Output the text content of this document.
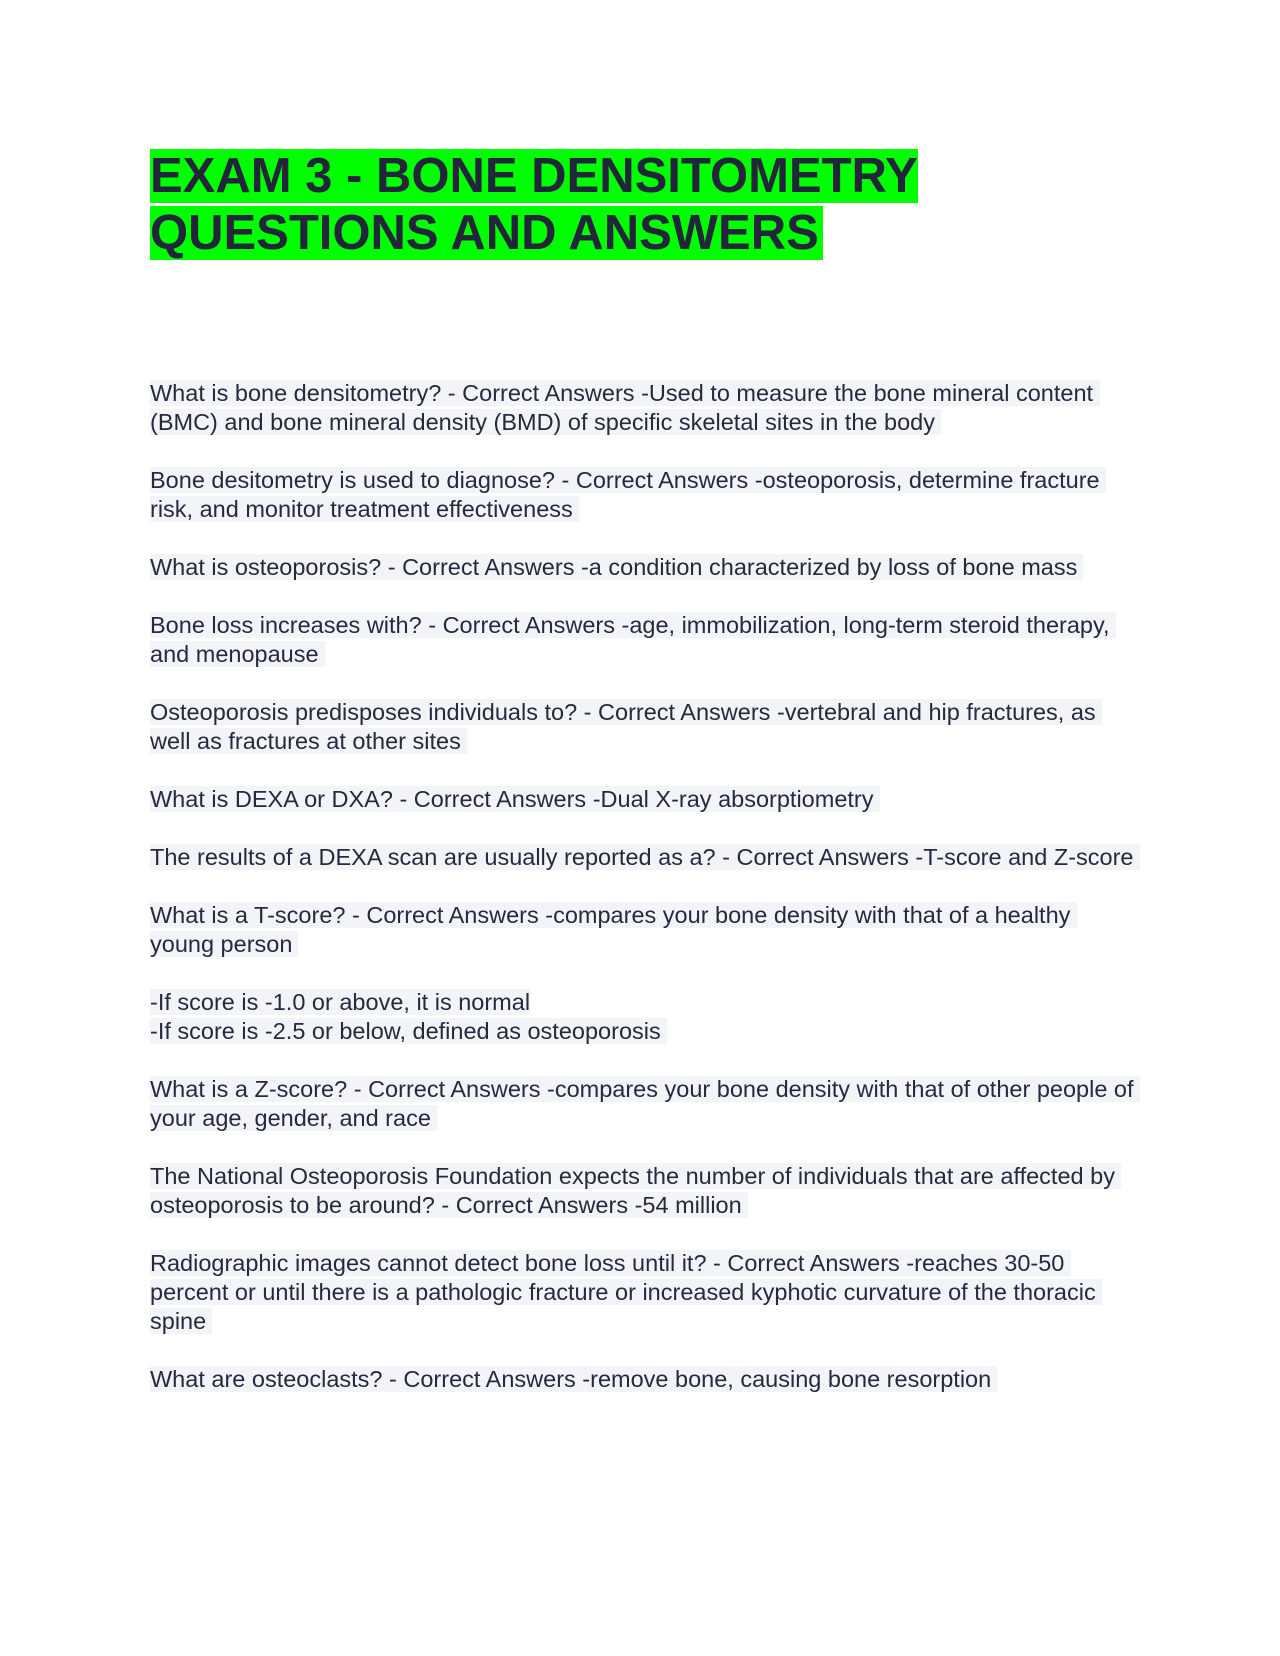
EXAM 3 - BONE DENSITOMETRY QUESTIONS AND ANSWERS

What is bone densitometry? - Correct Answers -Used to measure the bone mineral content (BMC) and bone mineral density (BMD) of specific skeletal sites in the body

Bone desitometry is used to diagnose? - Correct Answers -osteoporosis, determine fracture risk, and monitor treatment effectiveness

What is osteoporosis? - Correct Answers -a condition characterized by loss of bone mass

Bone loss increases with? - Correct Answers -age, immobilization, long-term steroid therapy, and menopause

Osteoporosis predisposes individuals to? - Correct Answers -vertebral and hip fractures, as well as fractures at other sites

What is DEXA or DXA? - Correct Answers -Dual X-ray absorptiometry

The results of a DEXA scan are usually reported as a? - Correct Answers -T-score and Z-score

What is a T-score? - Correct Answers -compares your bone density with that of a healthy young person

-If score is -1.0 or above, it is normal
-If score is -2.5 or below, defined as osteoporosis

What is a Z-score? - Correct Answers -compares your bone density with that of other people of your age, gender, and race

The National Osteoporosis Foundation expects the number of individuals that are affected by osteoporosis to be around? - Correct Answers -54 million

Radiographic images cannot detect bone loss until it? - Correct Answers -reaches 30-50 percent or until there is a pathologic fracture or increased kyphotic curvature of the thoracic spine

What are osteoclasts? - Correct Answers -remove bone, causing bone resorption
